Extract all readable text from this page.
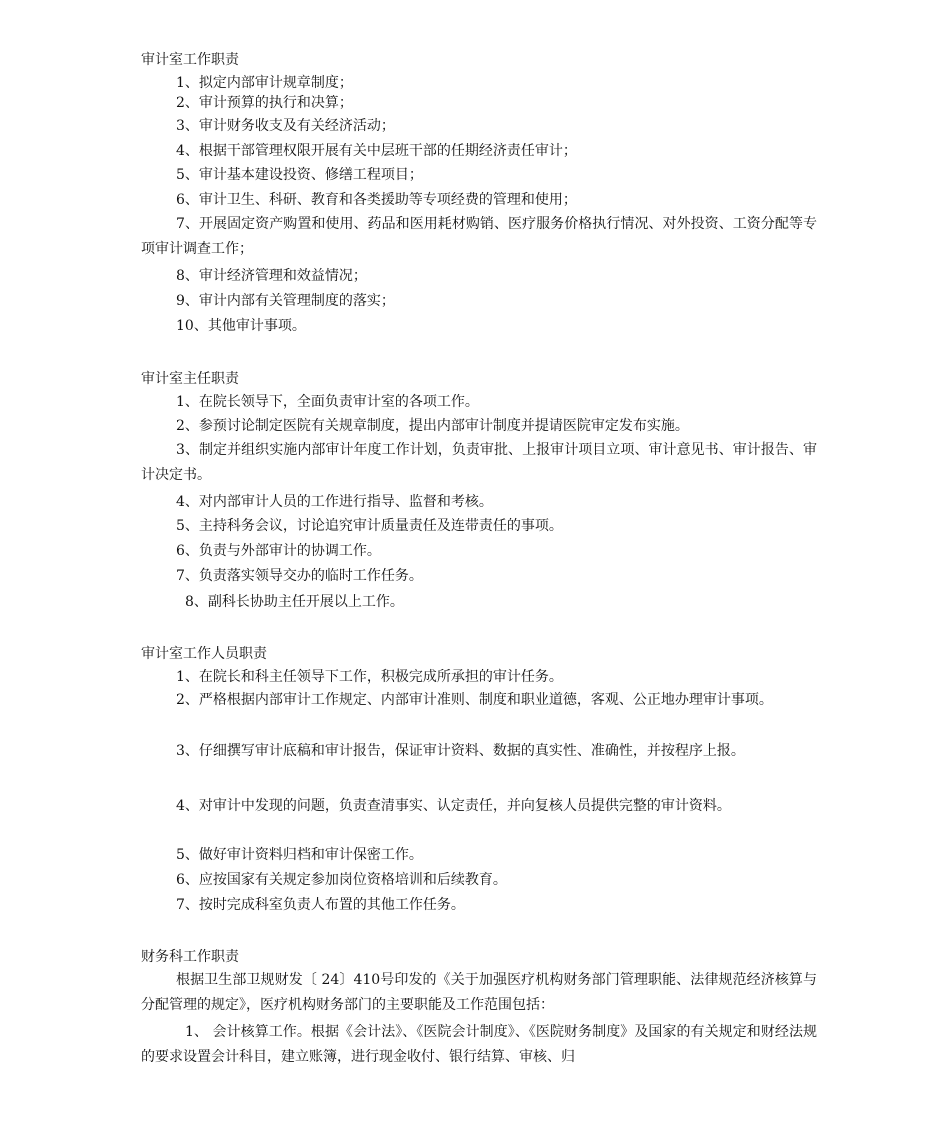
审计室工作职责
1、拟定内部审计规章制度；
2、审计预算的执行和决算；
3、审计财务收支及有关经济活动；
4、根据干部管理权限开展有关中层班干部的任期经济责任审计；
5、审计基本建设投资、修缮工程项目；
6、审计卫生、科研、教育和各类援助等专项经费的管理和使用；
7、开展固定资产购置和使用、药品和医用耗材购销、医疗服务价格执行情况、对外投资、工资分配等专项审计调查工作；
8、审计经济管理和效益情况；
9、审计内部有关管理制度的落实；
10、其他审计事项。
审计室主任职责
1、在院长领导下，全面负责审计室的各项工作。
2、参预讨论制定医院有关规章制度，提出内部审计制度并提请医院审定发布实施。
3、制定并组织实施内部审计年度工作计划，负责审批、上报审计项目立项、审计意见书、审计报告、审计决定书。
4、对内部审计人员的工作进行指导、监督和考核。
5、主持科务会议，讨论追究审计质量责任及连带责任的事项。
6、负责与外部审计的协调工作。
7、负责落实领导交办的临时工作任务。
8、副科长协助主任开展以上工作。
审计室工作人员职责
1、在院长和科主任领导下工作，积极完成所承担的审计任务。
2、严格根据内部审计工作规定、内部审计准则、制度和职业道德，客观、公正地办理审计事项。
3、仔细撰写审计底稿和审计报告，保证审计资料、数据的真实性、准确性，并按程序上报。
4、对审计中发现的问题，负责查清事实、认定责任，并向复核人员提供完整的审计资料。
5、做好审计资料归档和审计保密工作。
6、应按国家有关规定参加岗位资格培训和后续教育。
7、按时完成科室负责人布置的其他工作任务。
财务科工作职责
根据卫生部卫规财发〔 24〕410号印发的《关于加强医疗机构财务部门管理职能、法律规范经济核算与分配管理的规定》，医疗机构财务部门的主要职能及工作范围包括：
1、 会计核算工作。根据《会计法》、《医院会计制度》、《医院财务制度》及国家的有关规定和财经法规的要求设置会计科目，建立账簿，进行现金收付、银行结算、审核、归
